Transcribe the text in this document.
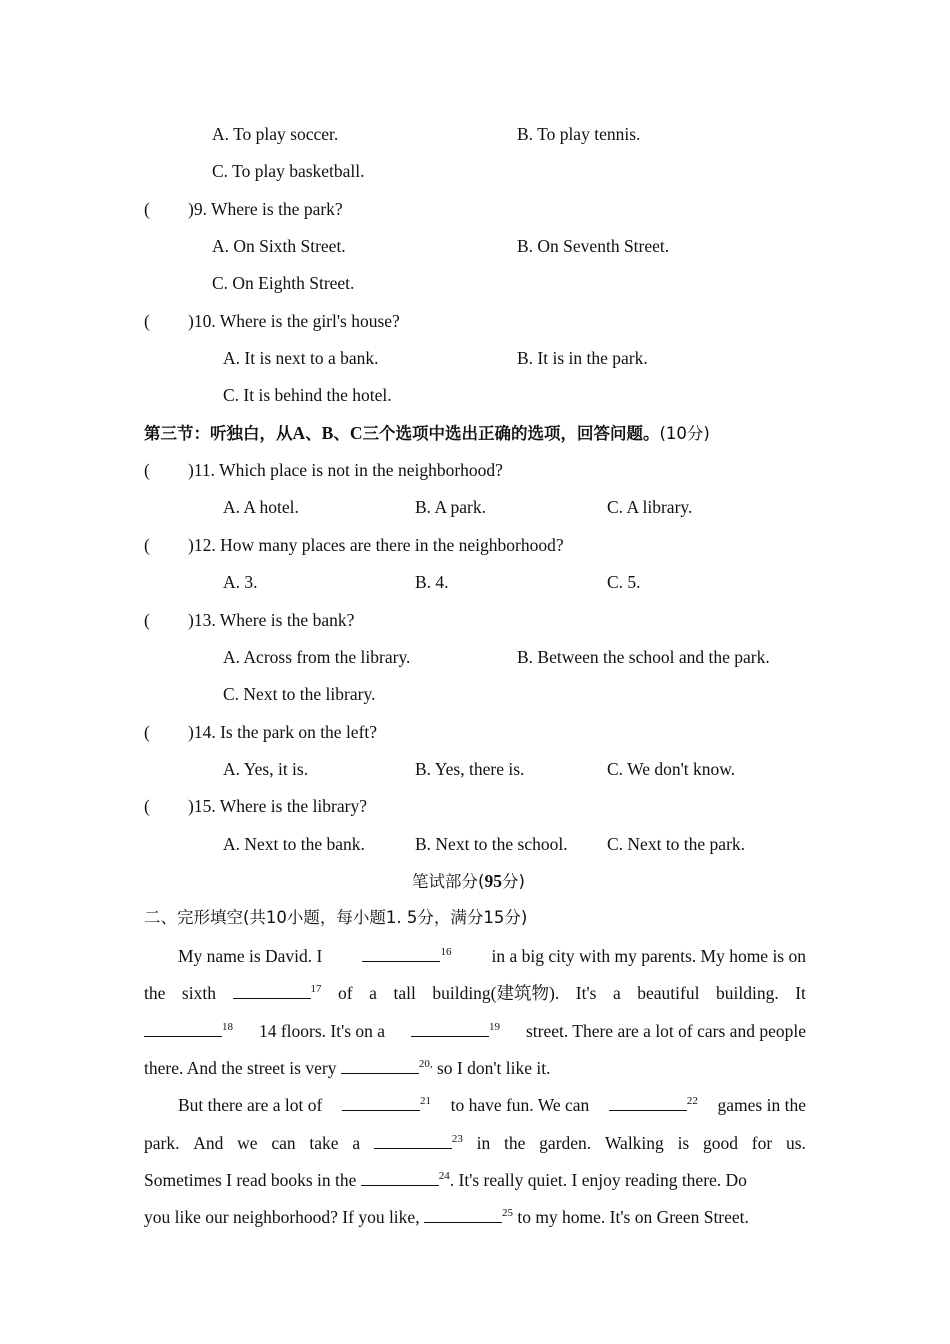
A. To play soccer.	B. To play tennis.
C. To play basketball.
( )9. Where is the park?
A. On Sixth Street.	B. On Seventh Street.
C. On Eighth Street.
( )10. Where is the girl's house?
A. It is next to a bank.	B. It is in the park.
C. It is behind the hotel.
第三节：听独白，从A、B、C三个选项中选出正确的选项，回答问题。(10分)
( )11. Which place is not in the neighborhood?
A. A hotel.	B. A park.	C. A library.
( )12. How many places are there in the neighborhood?
A. 3.	B. 4.	C. 5.
( )13. Where is the bank?
A. Across from the library.	B. Between the school and the park.
C. Next to the library.
( )14. Is the park on the left?
A. Yes, it is.	B. Yes, there is.	C. We don't know.
( )15. Where is the library?
A. Next to the bank.	B. Next to the school. C. Next to the park.
笔试部分(95分)
二、完形填空(共10小题，每小题1. 5分，满分15分)
My name is David. I	$^{16}$ in a big city with my parents. My home is on
the sixth	$^{17}$ of a tall building(建筑物). It's a beautiful building. It
$^{18}$ 14 floors. It's on a	$^{19}$ street. There are a lot of cars and people
there. And the street is very	$^{20,}$ so I don't like it.
But there are a lot of	$^{21}$ to have fun. We can	$^{22}$ games in the
park. And we can take a	$^{23}$ in the garden. Walking is good for us.
Sometimes I read books in the	$^{24}$. It's really quiet. I enjoy reading there. Do
you like our neighborhood? If you like,	$^{25}$ to my home. It's on Green Street.
